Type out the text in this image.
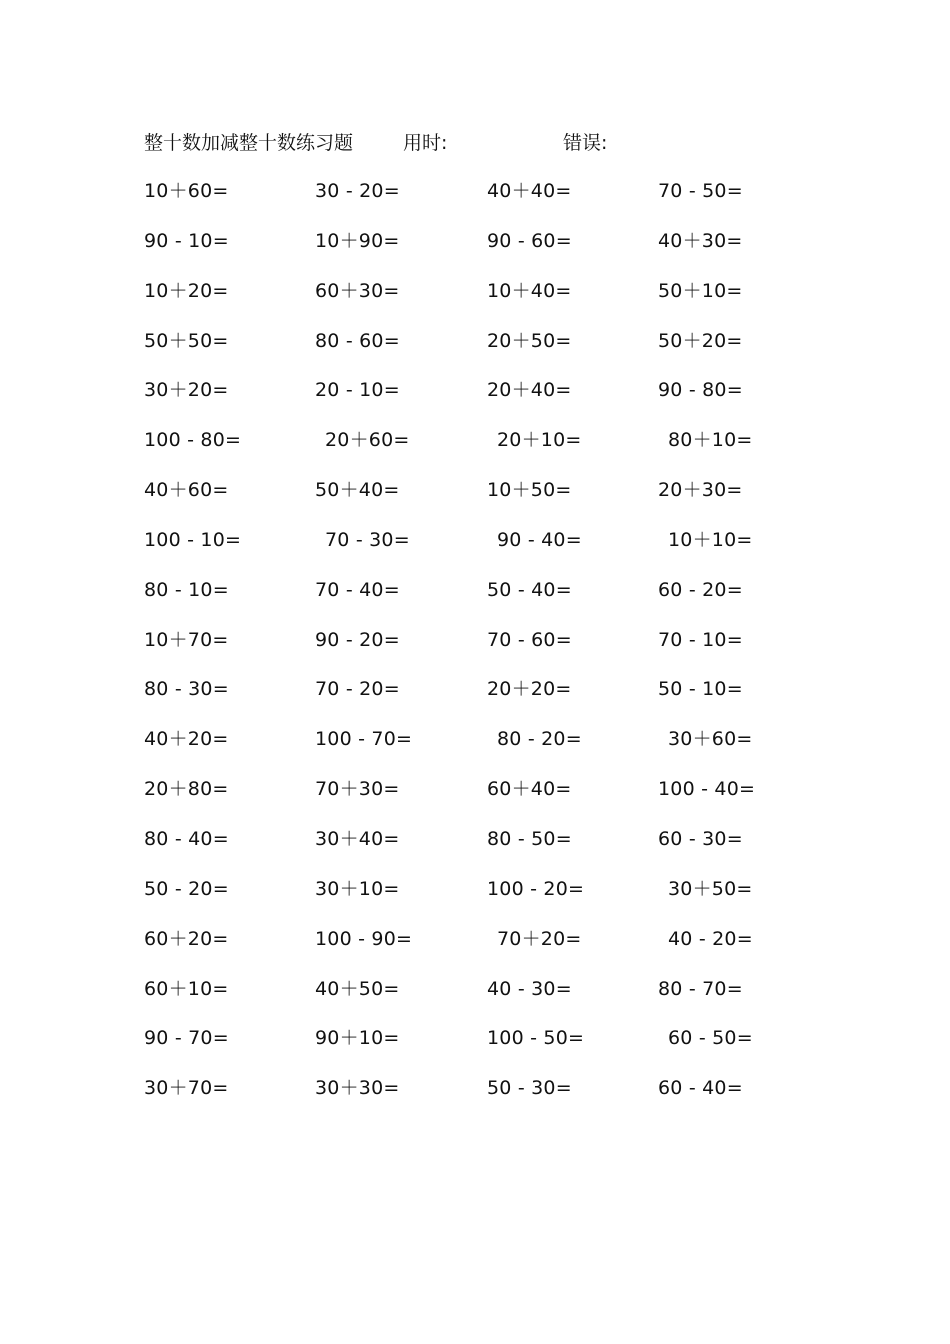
整十数加减整十数练习题	用时:	错误:
10＋60=	30 - 20=	40＋40=	70 - 50=
90 - 10=	10＋90=	90 - 60=	40＋30=
10＋20=	60＋30=	10＋40=	50＋10=
50＋50=	80 - 60=	20＋50=	50＋20=
30＋20=	20 - 10=	20＋40=	90 - 80=
100 - 80=	20＋60=	20＋10=	80＋10=
40＋60=	50＋40=	10＋50=	20＋30=
100 - 10=	70 - 30=	90 - 40=	10＋10=
80 - 10=	70 - 40=	50 - 40=	60 - 20=
10＋70=	90 - 20=	70 - 60=	70 - 10=
80 - 30=	70 - 20=	20＋20=	50 - 10=
40＋20=	100 - 70=	80 - 20=	30＋60=
20＋80=	70＋30=	60＋40=	100 - 40=
80 - 40=	30＋40=	80 - 50=	60 - 30=
50 - 20=	30＋10=	100 - 20=	30＋50=
60＋20=	100 - 90=	70＋20=	40 - 20=
60＋10=	40＋50=	40 - 30=	80 - 70=
90 - 70=	90＋10=	100 - 50=	60 - 50=
30＋70=	30＋30=	50 - 30=	60 - 40=
